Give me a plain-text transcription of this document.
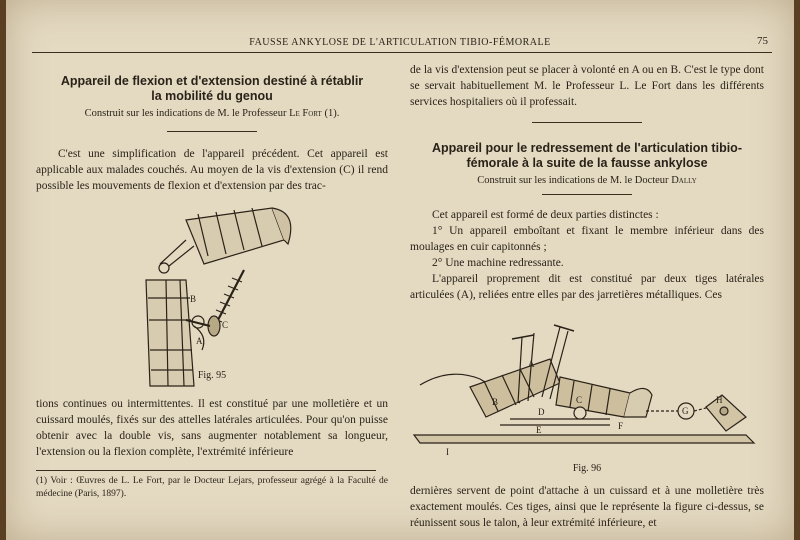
FAUSSE ANKYLOSE DE L'ARTICULATION TIBIO-FÉMORALE	75
Appareil de flexion et d'extension destiné à rétablir la mobilité du genou
Construit sur les indications de M. le Professeur Le Fort (1).

C'est une simplification de l'appareil précédent. Cet appareil est applicable aux malades couchés. Au moyen de la vis d'extension (C) il rend possible les mouvements de flexion et d'extension par des trac-

B
C
A
Fig. 95

tions continues ou intermittentes. Il est constitué par une molletière et un cuissard moulés, fixés sur des attelles latérales articulées. Pour qu'on puisse obtenir avec la double vis, sans augmenter notablement sa longueur, l'extension ou la flexion complète, l'extrémité inférieure

(1) Voir : Œuvres de L. Le Fort, par le Docteur Lejars, professeur agrégé à la Faculté de médecine (Paris, 1897).

de la vis d'extension peut se placer à volonté en A ou en B. C'est le type dont se servait habituellement M. le Professeur L. Le Fort dans les différents services hospitaliers où il professait.

Appareil pour le redressement de l'articulation tibio-fémorale à la suite de la fausse ankylose
Construit sur les indications de M. le Docteur Dally

Cet appareil est formé de deux parties distinctes :

1° Un appareil emboîtant et fixant le membre inférieur dans des moulages en cuir capitonnés ;

2° Une machine redressante.

L'appareil proprement dit est constitué par deux tiges latérales articulées (A), reliées entre elles par des jarretières métalliques. Ces

A
B	C
D
E	F
G
H
I
Fig. 96

dernières servent de point d'attache à un cuissard et à une molletière très exactement moulés. Ces tiges, ainsi que le représente la figure ci-dessus, se réunissent sous le talon, à leur extrémité inférieure, et
